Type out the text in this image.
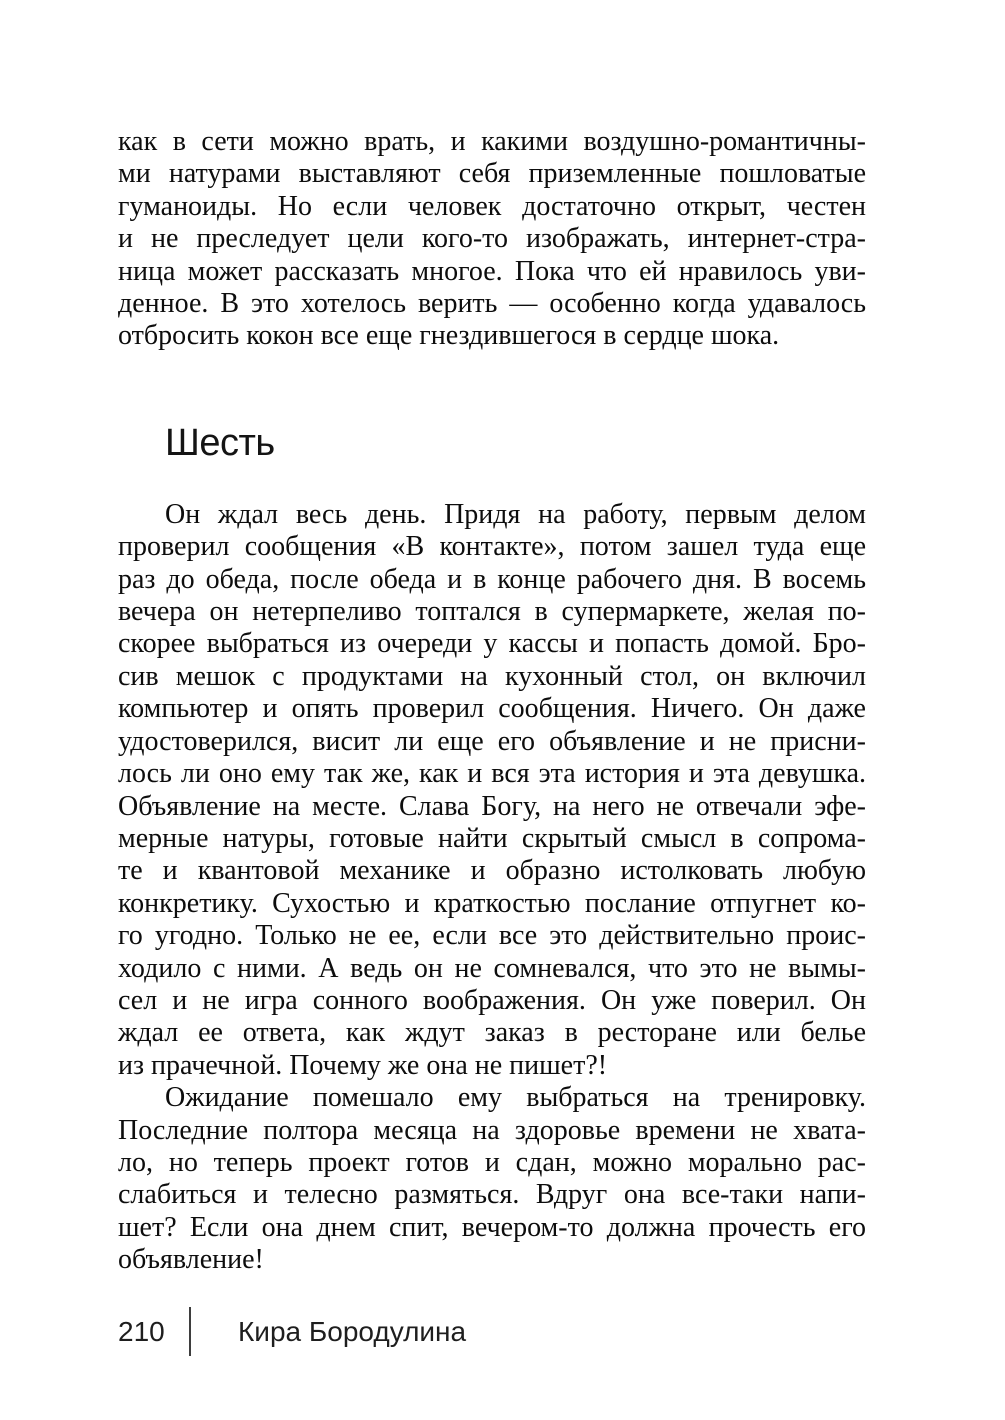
как в сети можно врать, и какими воздушно-романтичны-
ми натурами выставляют себя приземленные пошловатые
гуманоиды. Но если человек достаточно открыт, честен
и не преследует цели кого-то изображать, интернет-стра-
ница может рассказать многое. Пока что ей нравилось уви-
денное. В это хотелось верить — особенно когда удавалось
отбросить кокон все еще гнездившегося в сердце шока.
Шесть
Он ждал весь день. Придя на работу, первым делом
проверил сообщения «В контакте», потом зашел туда еще
раз до обеда, после обеда и в конце рабочего дня. В восемь
вечера он нетерпеливо топтался в супермаркете, желая по-
скорее выбраться из очереди у кассы и попасть домой. Бро-
сив мешок с продуктами на кухонный стол, он включил
компьютер и опять проверил сообщения. Ничего. Он даже
удостоверился, висит ли еще его объявление и не присни-
лось ли оно ему так же, как и вся эта история и эта девушка.
Объявление на месте. Слава Богу, на него не отвечали эфе-
мерные натуры, готовые найти скрытый смысл в сопрома-
те и квантовой механике и образно истолковать любую
конкретику. Сухостью и краткостью послание отпугнет ко-
го угодно. Только не ее, если все это действительно проис-
ходило с ними. А ведь он не сомневался, что это не вымы-
сел и не игра сонного воображения. Он уже поверил. Он
ждал ее ответа, как ждут заказ в ресторане или белье
из прачечной. Почему же она не пишет?!
Ожидание помешало ему выбраться на тренировку.
Последние полтора месяца на здоровье времени не хвата-
ло, но теперь проект готов и сдан, можно морально рас-
слабиться и телесно размяться. Вдруг она все-таки напи-
шет? Если она днем спит, вечером-то должна прочесть его
объявление!
210	Кира Бородулина
